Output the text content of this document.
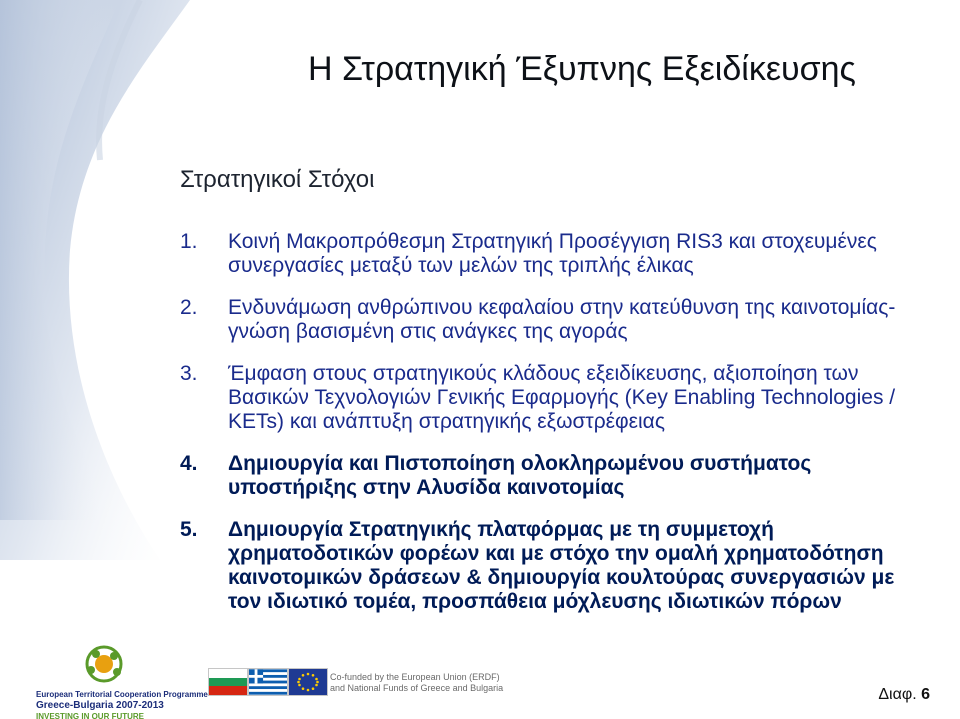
Η Στρατηγική Έξυπνης Εξειδίκευσης
Στρατηγικοί Στόχοι
1. Κοινή Μακροπρόθεσμη Στρατηγική Προσέγγιση RIS3 και στοχευμένες συνεργασίες μεταξύ των μελών της τριπλής έλικας
2. Ενδυνάμωση ανθρώπινου κεφαλαίου στην κατεύθυνση της καινοτομίας- γνώση βασισμένη στις ανάγκες της αγοράς
3. Έμφαση στους στρατηγικούς κλάδους εξειδίκευσης, αξιοποίηση των Βασικών Τεχνολογιών Γενικής Εφαρμογής (Key Enabling Technologies / KETs) και ανάπτυξη στρατηγικής εξωστρέφειας
4. Δημιουργία και Πιστοποίηση ολοκληρωμένου συστήματος υποστήριξης στην Αλυσίδα καινοτομίας
5. Δημιουργία Στρατηγικής πλατφόρμας με τη συμμετοχή χρηματοδοτικών φορέων και με στόχο την ομαλή χρηματοδότηση καινοτομικών δράσεων & δημιουργία κουλτούρας συνεργασιών με τον ιδιωτικό τομέα, προσπάθεια μόχλευσης ιδιωτικών πόρων
European Territorial Cooperation Programme
Greece-Bulgaria 2007-2013
INVESTING IN OUR FUTURE
Co-funded by the European Union (ERDF)
and National Funds of Greece and Bulgaria	Διαφ. 6
